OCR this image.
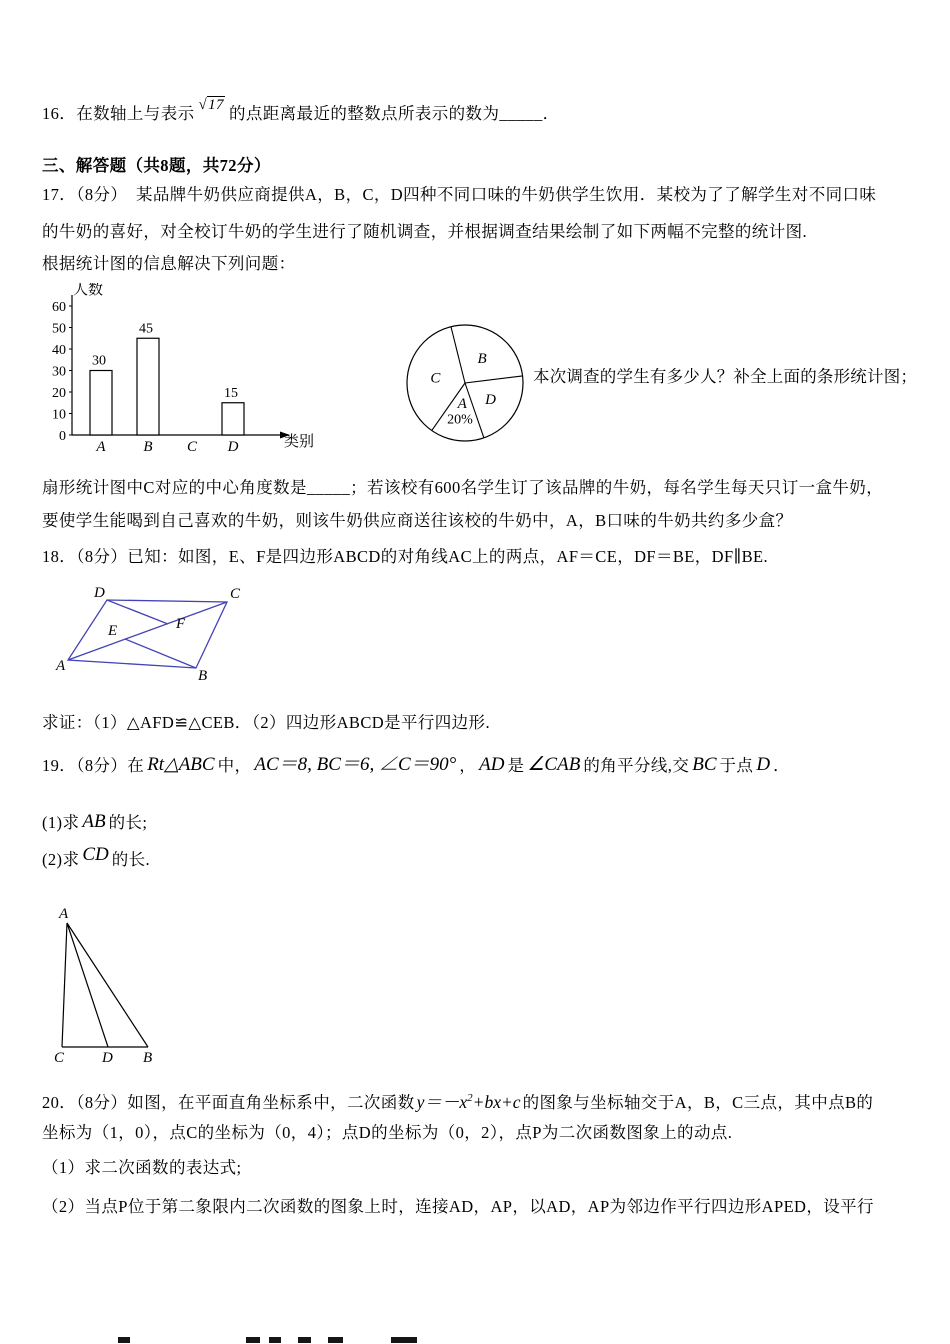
16．在数轴上与表示 √17 的点距离最近的整数点所表示的数为_____．
三、解答题（共8题，共72分）
17．（8分）　某品牌牛奶供应商提供A，B，C，D四种不同口味的牛奶供学生饮用．某校为了了解学生对不同口味
的牛奶的喜好，对全校订牛奶的学生进行了随机调查，并根据调查结果绘制了如下两幅不完整的统计图.
根据统计图的信息解决下列问题：
人数
类别
0
10
20
30
40
50
60
30
45
15
A	B C D
B
C
A
20%
D
本次调查的学生有多少人？补全上面的条形统计图；
扇形统计图中C对应的中心角度数是_____；若该校有600名学生订了该品牌的牛奶，每名学生每天只订一盒牛奶，
要使学生能喝到自己喜欢的牛奶，则该牛奶供应商送往该校的牛奶中，A，B口味的牛奶共约多少盒？
18．（8分）已知：如图，E、F是四边形ABCD的对角线AC上的两点，AF＝CE，DF＝BE，DF∥BE.
D	C
E	F
A
B
求证：（1）△AFD≌△CEB．（2）四边形ABCD是平行四边形.
19．（8分）在 Rt△ABC 中， AC＝8, BC＝6, ∠C＝90° ， AD 是 ∠CAB 的角平分线,交 BC 于点 D ．
(1)求 AB 的长;
(2)求 CD 的长.
A
C	D B
20．（8分）如图，在平面直角坐标系中，二次函数 $y=-x^2+bx+c$ 的图象与坐标轴交于A，B，C三点，其中点B的
坐标为（1，0），点C的坐标为（0，4）；点D的坐标为（0，2），点P为二次函数图象上的动点.
（1）求二次函数的表达式;
（2）当点P位于第二象限内二次函数的图象上时，连接AD，AP，以AD，AP为邻边作平行四边形APED，设平行
